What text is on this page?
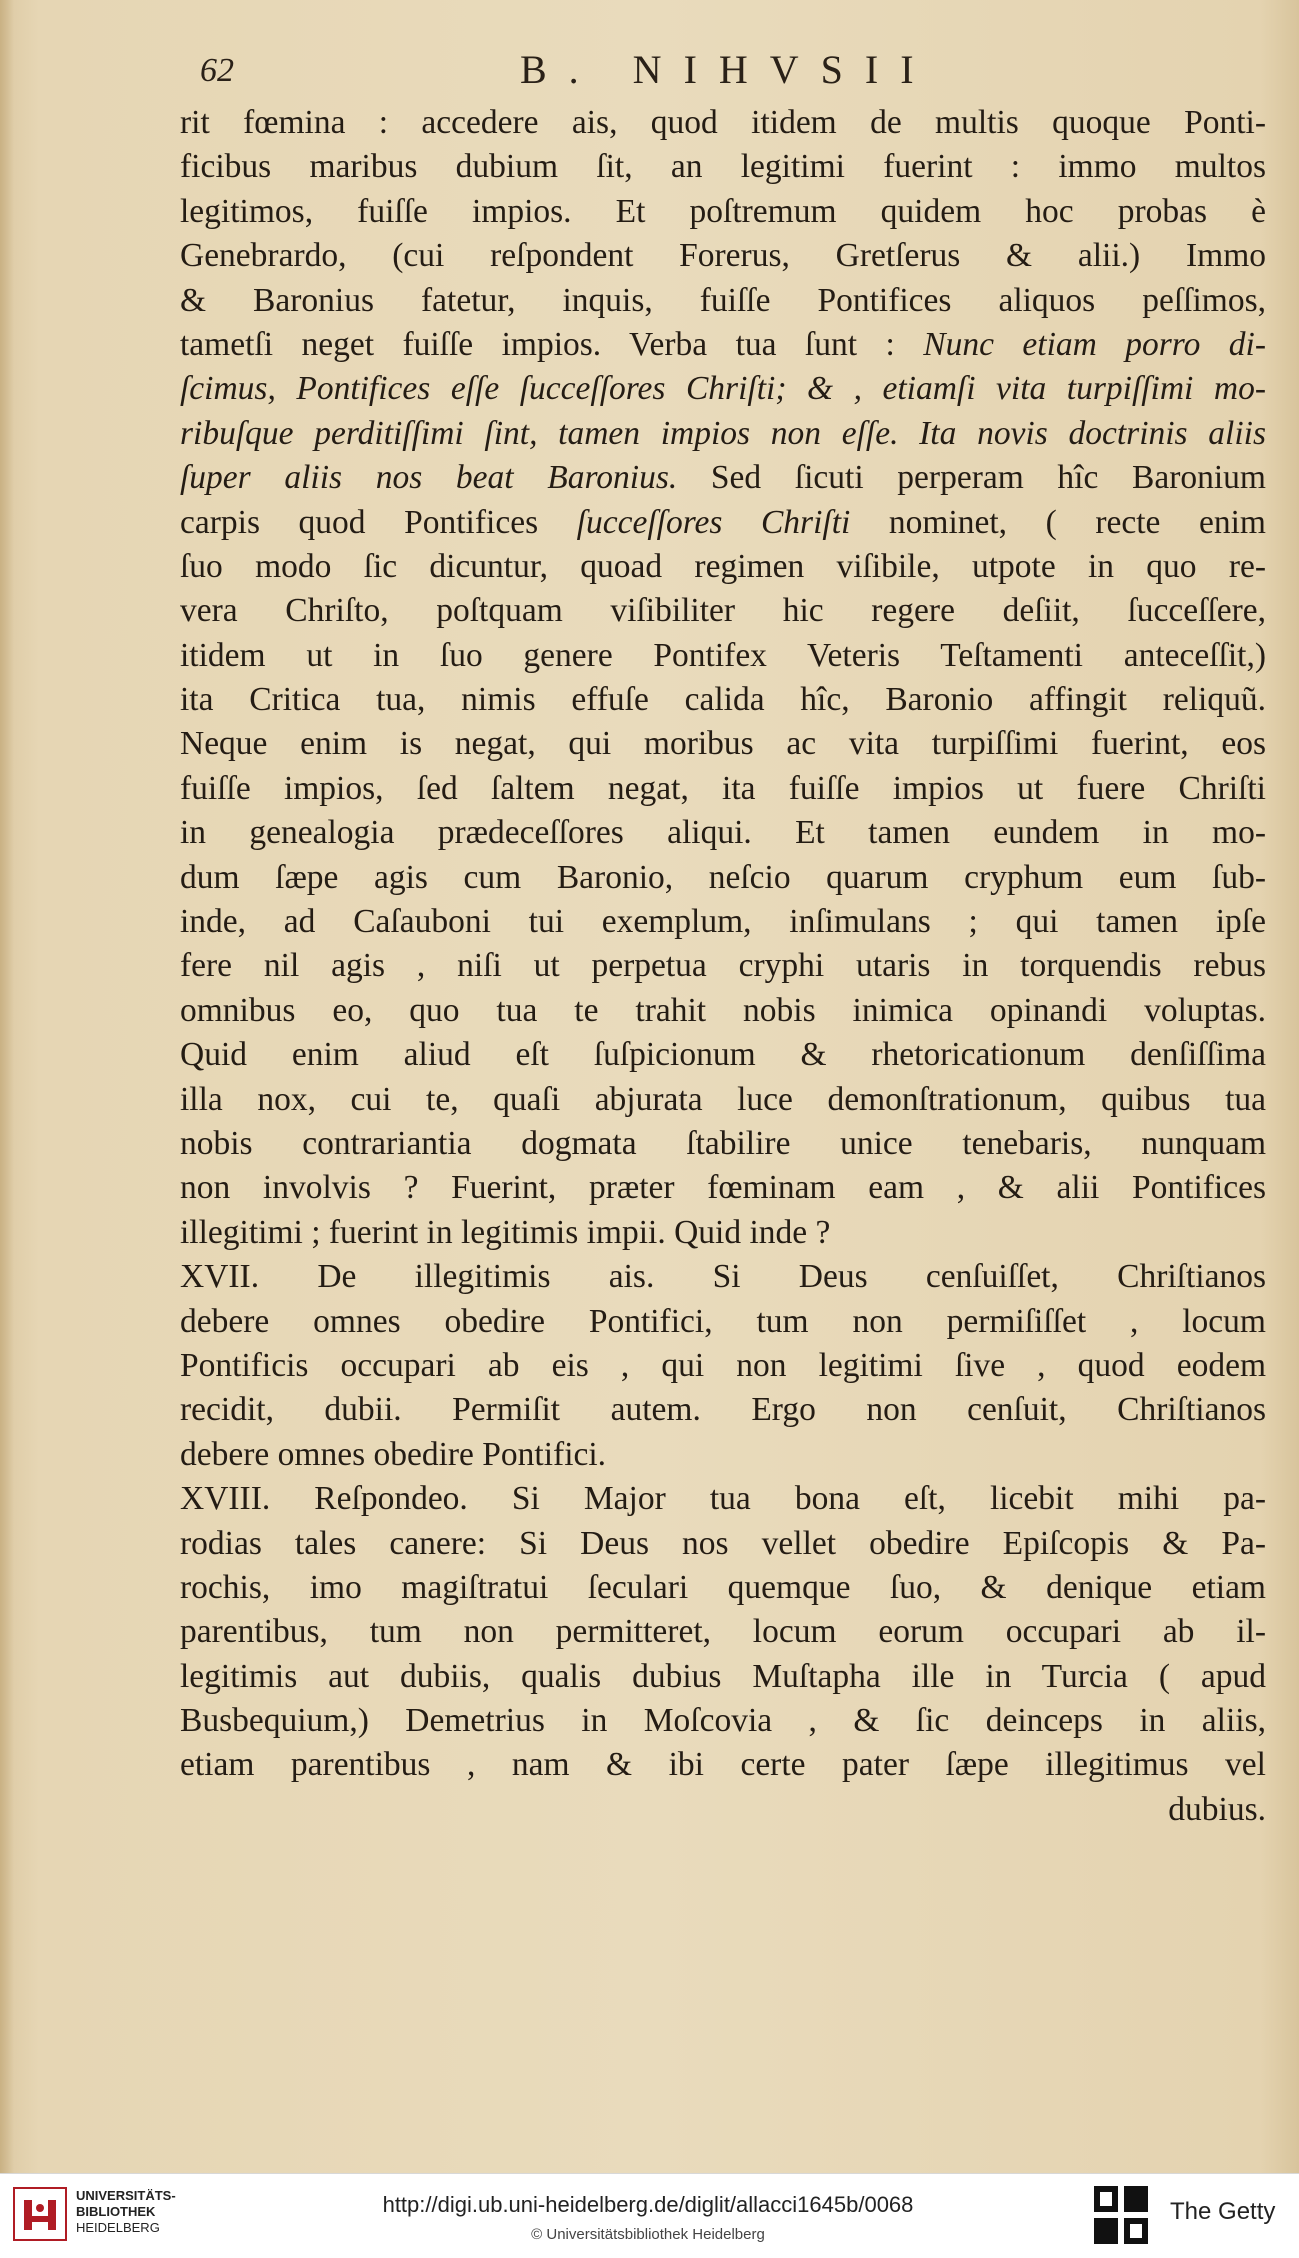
62	B. NIHVSII
rit fœmina : accedere ais, quod itidem de multis quoque Ponti-
ficibus maribus dubium ſit, an legitimi fuerint : immo multos
legitimos, fuiſſe impios. Et poſtremum quidem hoc probas è
Genebrardo, (cui reſpondent Forerus, Gretſerus & alii.) Immo
& Baronius fatetur, inquis, fuiſſe Pontifices aliquos peſſimos,
tametſi neget fuiſſe impios. Verba tua ſunt : Nunc etiam porro di-
ſcimus, Pontifices eſſe ſucceſſores Chriſti; & , etiamſi vita turpiſſimi mo-
ribuſque perditiſſimi ſint, tamen impios non eſſe. Ita novis doctrinis aliis
ſuper aliis nos beat Baronius. Sed ſicuti perperam hîc Baronium
carpis quod Pontifices ſucceſſores Chriſti nominet, ( recte enim
ſuo modo ſic dicuntur, quoad regimen viſibile, utpote in quo re-
vera Chriſto, poſtquam viſibiliter hic regere deſiit, ſucceſſere,
itidem ut in ſuo genere Pontifex Veteris Teſtamenti anteceſſit,)
ita Critica tua, nimis effuſe calida hîc, Baronio affingit reliquũ.
Neque enim is negat, qui moribus ac vita turpiſſimi fuerint, eos
fuiſſe impios, ſed ſaltem negat, ita fuiſſe impios ut fuere Chriſti
in genealogia prædeceſſores aliqui. Et tamen eundem in mo-
dum ſæpe agis cum Baronio, neſcio quarum cryphum eum ſub-
inde, ad Caſauboni tui exemplum, inſimulans ; qui tamen ipſe
fere nil agis , niſi ut perpetua cryphi utaris in torquendis rebus
omnibus eo, quo tua te trahit nobis inimica opinandi voluptas.
Quid enim aliud eſt ſuſpicionum & rhetoricationum denſiſſima
illa nox, cui te, quaſi abjurata luce demonſtrationum, quibus tua
nobis contrariantia dogmata ſtabilire unice tenebaris, nunquam
non involvis ? Fuerint, præter fœminam eam , & alii Pontifices
illegitimi ; fuerint in legitimis impii. Quid inde ?
XVII. De illegitimis ais. Si Deus cenſuiſſet, Chriſtianos
debere omnes obedire Pontifici, tum non permiſiſſet , locum
Pontificis occupari ab eis , qui non legitimi ſive , quod eodem
recidit, dubii. Permiſit autem. Ergo non cenſuit, Chriſtianos
debere omnes obedire Pontifici.
XVIII. Reſpondeo. Si Major tua bona eſt, licebit mihi pa-
rodias tales canere: Si Deus nos vellet obedire Epiſcopis & Pa-
rochis, imo magiſtratui ſeculari quemque ſuo, & denique etiam
parentibus, tum non permitteret, locum eorum occupari ab il-
legitimis aut dubiis, qualis dubius Muſtapha ille in Turcia ( apud
Busbequium,) Demetrius in Moſcovia , & ſic deinceps in aliis,
etiam parentibus , nam & ibi certe pater ſæpe illegitimus vel
dubius.
UNIVERSITÄTS-
BIBLIOTHEK
HEIDELBERG
http://digi.ub.uni-heidelberg.de/diglit/allacci1645b/0068
© Universitätsbibliothek Heidelberg
The Getty
